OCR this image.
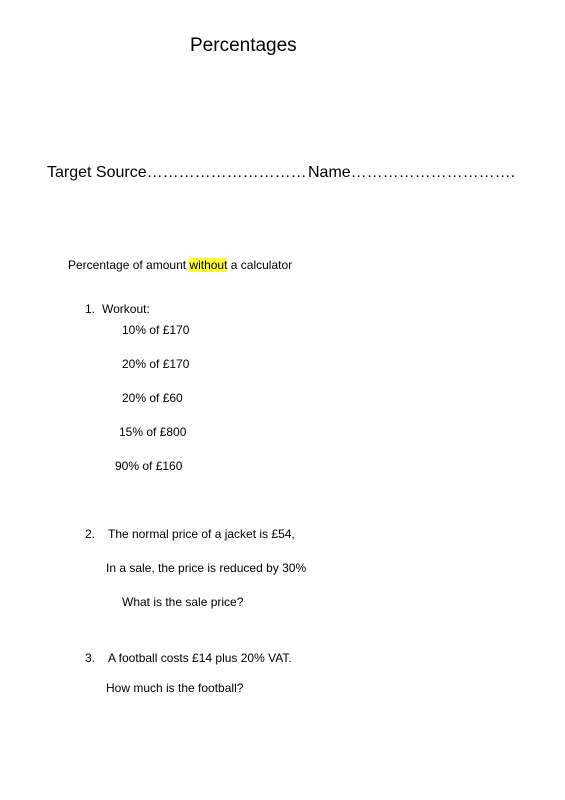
Percentages
Target Source………………………… Name………………………….
Percentage of amount without a calculator
1. Workout:
10% of £170
20% of £170
20% of £60
15% of £800
90% of £160
2. The normal price of a jacket is £54,
In a sale, the price is reduced by 30%
What is the sale price?
3. A football costs £14 plus 20% VAT.
How much is the football?
